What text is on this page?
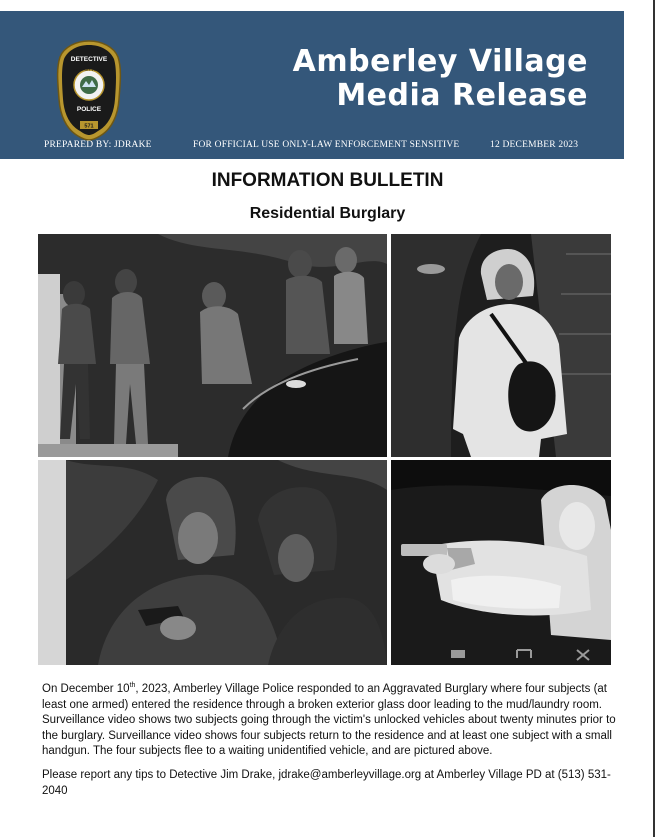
DETECTIVE
AMBERLEY VILLAGE
POLICE
571
Amberley Village
Media Release
PREPARED BY: JDRAKE	FOR OFFICIAL USE ONLY-LAW ENFORCEMENT SENSITIVE	12 DECEMBER 2023
INFORMATION BULLETIN
Residential Burglary

On December 10th, 2023, Amberley Village Police responded to an Aggravated Burglary where four subjects (at least one armed) entered the residence through a broken exterior glass door leading to the mud/laundry room. Surveillance video shows two subjects going through the victim's unlocked vehicles about twenty minutes prior to the burglary. Surveillance video shows four subjects return to the residence and at least one subject with a small handgun. The four subjects flee to a waiting unidentified vehicle, and are pictured above.

Please report any tips to Detective Jim Drake, jdrake@amberleyvillage.org at Amberley Village PD at (513) 531-2040
